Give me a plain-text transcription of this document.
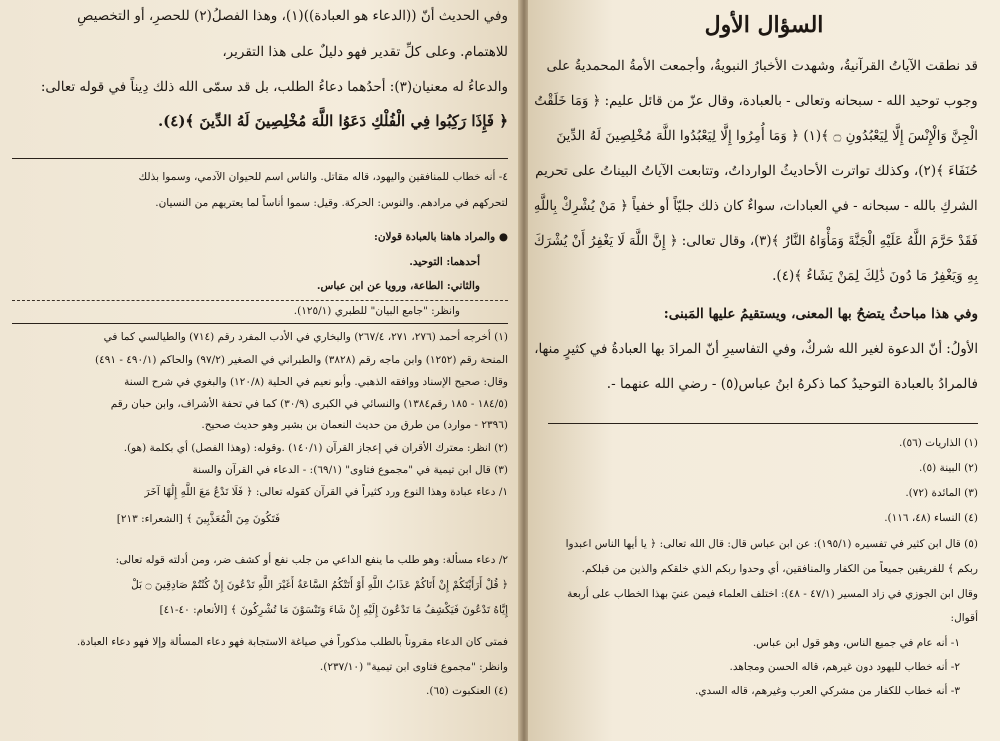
وفي الحديث أنّ ((الدعاء هو العبادة))(١)، وهذا الفصلُ(٢) للحصرِ، أو التخصيصِ
للاهتمام. وعلى كلِّ تقدير فهو دليلٌ على هذا التقرير،
والدعاءُ له معنيان(٣): أحدُهما دعاءُ الطلب، بل قد سمّى الله ذلك دِيناً في قوله تعالى:
﴿ فَإِذَا رَكِبُوا فِي الْفُلْكِ دَعَوُا اللَّهَ مُخْلِصِينَ لَهُ الدِّينَ ﴾(٤).
٤- أنه خطاب للمنافقين واليهود، قاله مقاتل. والناس اسم للحيوان الآدمي، وسموا بذلك
لتحركهم في مرادهم. والنوس: الحركة. وقيل: سموا أناساً لما يعتريهم من النسيان.
● والمراد هاهنا بالعبادة قولان:
أحدهما: التوحيد.
والثاني: الطاعة، ورويا عن ابن عباس.
وانظر: "جامع البيان" للطبري (١٢٥/١).
(١) أخرجه أحمد (٢٧٦، ٢٧١، ٢٦٧/٤) والبخاري في الأدب المفرد رقم (٧١٤) والطيالسي كما في
المنحة رقم (١٢٥٢) وابن ماجه رقم (٣٨٢٨) والطبراني في الصغير (٩٧/٢) والحاكم (٤٩٠/١ - ٤٩١)
وقال: صحيح الإسناد ووافقه الذهبي. وأبو نعيم في الحلية (١٢٠/٨) والبغوي في شرح السنة
(١٨٤/٥ - ١٨٥ رقم١٣٨٤) والنسائي في الكبرى (٣٠/٩) كما في تحفة الأشراف، وابن حبان رقم
(٢٣٩٦ - موارد) من طرق من حديث النعمان بن بشير وهو حديث صحيح.
(٢) انظر: معترك الأقران في إعجاز القرآن (١٤٠/١) .وقوله: (وهذا الفصل) أي بكلمة (هو).
(٣) قال ابن تيمية في "مجموع فتاوى" (٦٩/١): - الدعاء في القرآن والسنة
١/ دعاء عبادة وهذا النوع ورد كثيراً في القرآن كقوله تعالى: ﴿ فَلَا تَدْعُ مَعَ اللَّهِ إِلَٰهًا آخَرَ
فَتَكُونَ مِنَ الْمُعَذَّبِينَ ﴾ [الشعراء: ٢١٣]
٢/ دعاء مسألة: وهو طلب ما ينفع الداعي من جلب نفع أو كشف ضر، ومن أدلته قوله تعالى:
﴿ قُلْ أَرَأَيْتَكُمْ إِنْ أَتَاكُمْ عَذَابُ اللَّهِ أَوْ أَتَتْكُمُ السَّاعَةُ أَغَيْرَ اللَّهِ تَدْعُونَ إِنْ كُنْتُمْ صَادِقِينَ ۝ بَلْ
إِيَّاهُ تَدْعُونَ فَيَكْشِفُ مَا تَدْعُونَ إِلَيْهِ إِنْ شَاءَ وَتَنْسَوْنَ مَا تُشْرِكُونَ ﴾ [الأنعام: ٤٠-٤١]
فمتى كان الدعاء مقروناً بالطلب مذكوراً في صياغة الاستجابة فهو دعاء المسألة وإلا فهو دعاء العبادة.
وانظر: "مجموع فتاوى ابن تيمية" (٢٣٧/١٠).
(٤) العنكبوت (٦٥).
السؤال الأول
قد نطقت الآياتُ القرآنيةُ، وشهدت الأخبارُ النبويةُ، وأجمعت الأمةُ المحمديةُ على
وجوب توحيد الله - سبحانه وتعالى - بالعبادة، وقال عزّ من قائل عليم: ﴿ وَمَا خَلَقْتُ
الْجِنَّ وَالْإِنْسَ إِلَّا لِيَعْبُدُونِ ۝ ﴾(١) ﴿ وَمَا أُمِرُوا إِلَّا لِيَعْبُدُوا اللَّهَ مُخْلِصِينَ لَهُ الدِّينَ
حُنَفَاءَ ﴾(٢)، وكذلك تواترت الأحاديثُ الوارداتُ، وتتابعت الآياتُ البيناتُ على تحريم
الشركِ بالله - سبحانه - في العبادات، سواءٌ كان ذلك جليّاً أو خفياً ﴿ مَنْ يُشْرِكْ بِاللَّهِ
فَقَدْ حَرَّمَ اللَّهُ عَلَيْهِ الْجَنَّةَ وَمَأْوَاهُ النَّارُ ﴾(٣)، وقال تعالى: ﴿ إِنَّ اللَّهَ لَا يَغْفِرُ أَنْ يُشْرَكَ
بِهِ وَيَغْفِرُ مَا دُونَ ذَٰلِكَ لِمَنْ يَشَاءُ ﴾(٤).
وفي هذا مباحثُ يتضحُ بها المعنى، ويستقيمُ عليها المَبنى:
الأولُ: أنّ الدعوة لغير الله شركٌ، وفي التفاسيرِ أنّ المرادَ بها العبادةُ في كثيرٍ منها،
فالمرادُ بالعبادة التوحيدُ كما ذكرهُ ابنُ عباس(٥) - رضي الله عنهما -.
(١) الذاريات (٥٦).
(٢) البينة (٥).
(٣) المائدة (٧٢).
(٤) النساء (٤٨، ١١٦).
(٥) قال ابن كثير في تفسيره (١٩٥/١): عن ابن عباس قال: قال الله تعالى: ﴿ يا أيها الناس اعبدوا
ربكم ﴾ للفريقين جميعاً من الكفار والمنافقين، أي وحدوا ربكم الذي خلقكم والذين من قبلكم.
وقال ابن الجوزي في زاد المسير (٤٧/١ - ٤٨): اختلف العلماء فيمن عنيَ بهذا الخطاب على أربعة
أقوال:
١- أنه عام في جميع الناس، وهو قول ابن عباس.
٢- أنه خطاب لليهود دون غيرهم، قاله الحسن ومجاهد.
٣- أنه خطاب للكفار من مشركي العرب وغيرهم، قاله السدي.
